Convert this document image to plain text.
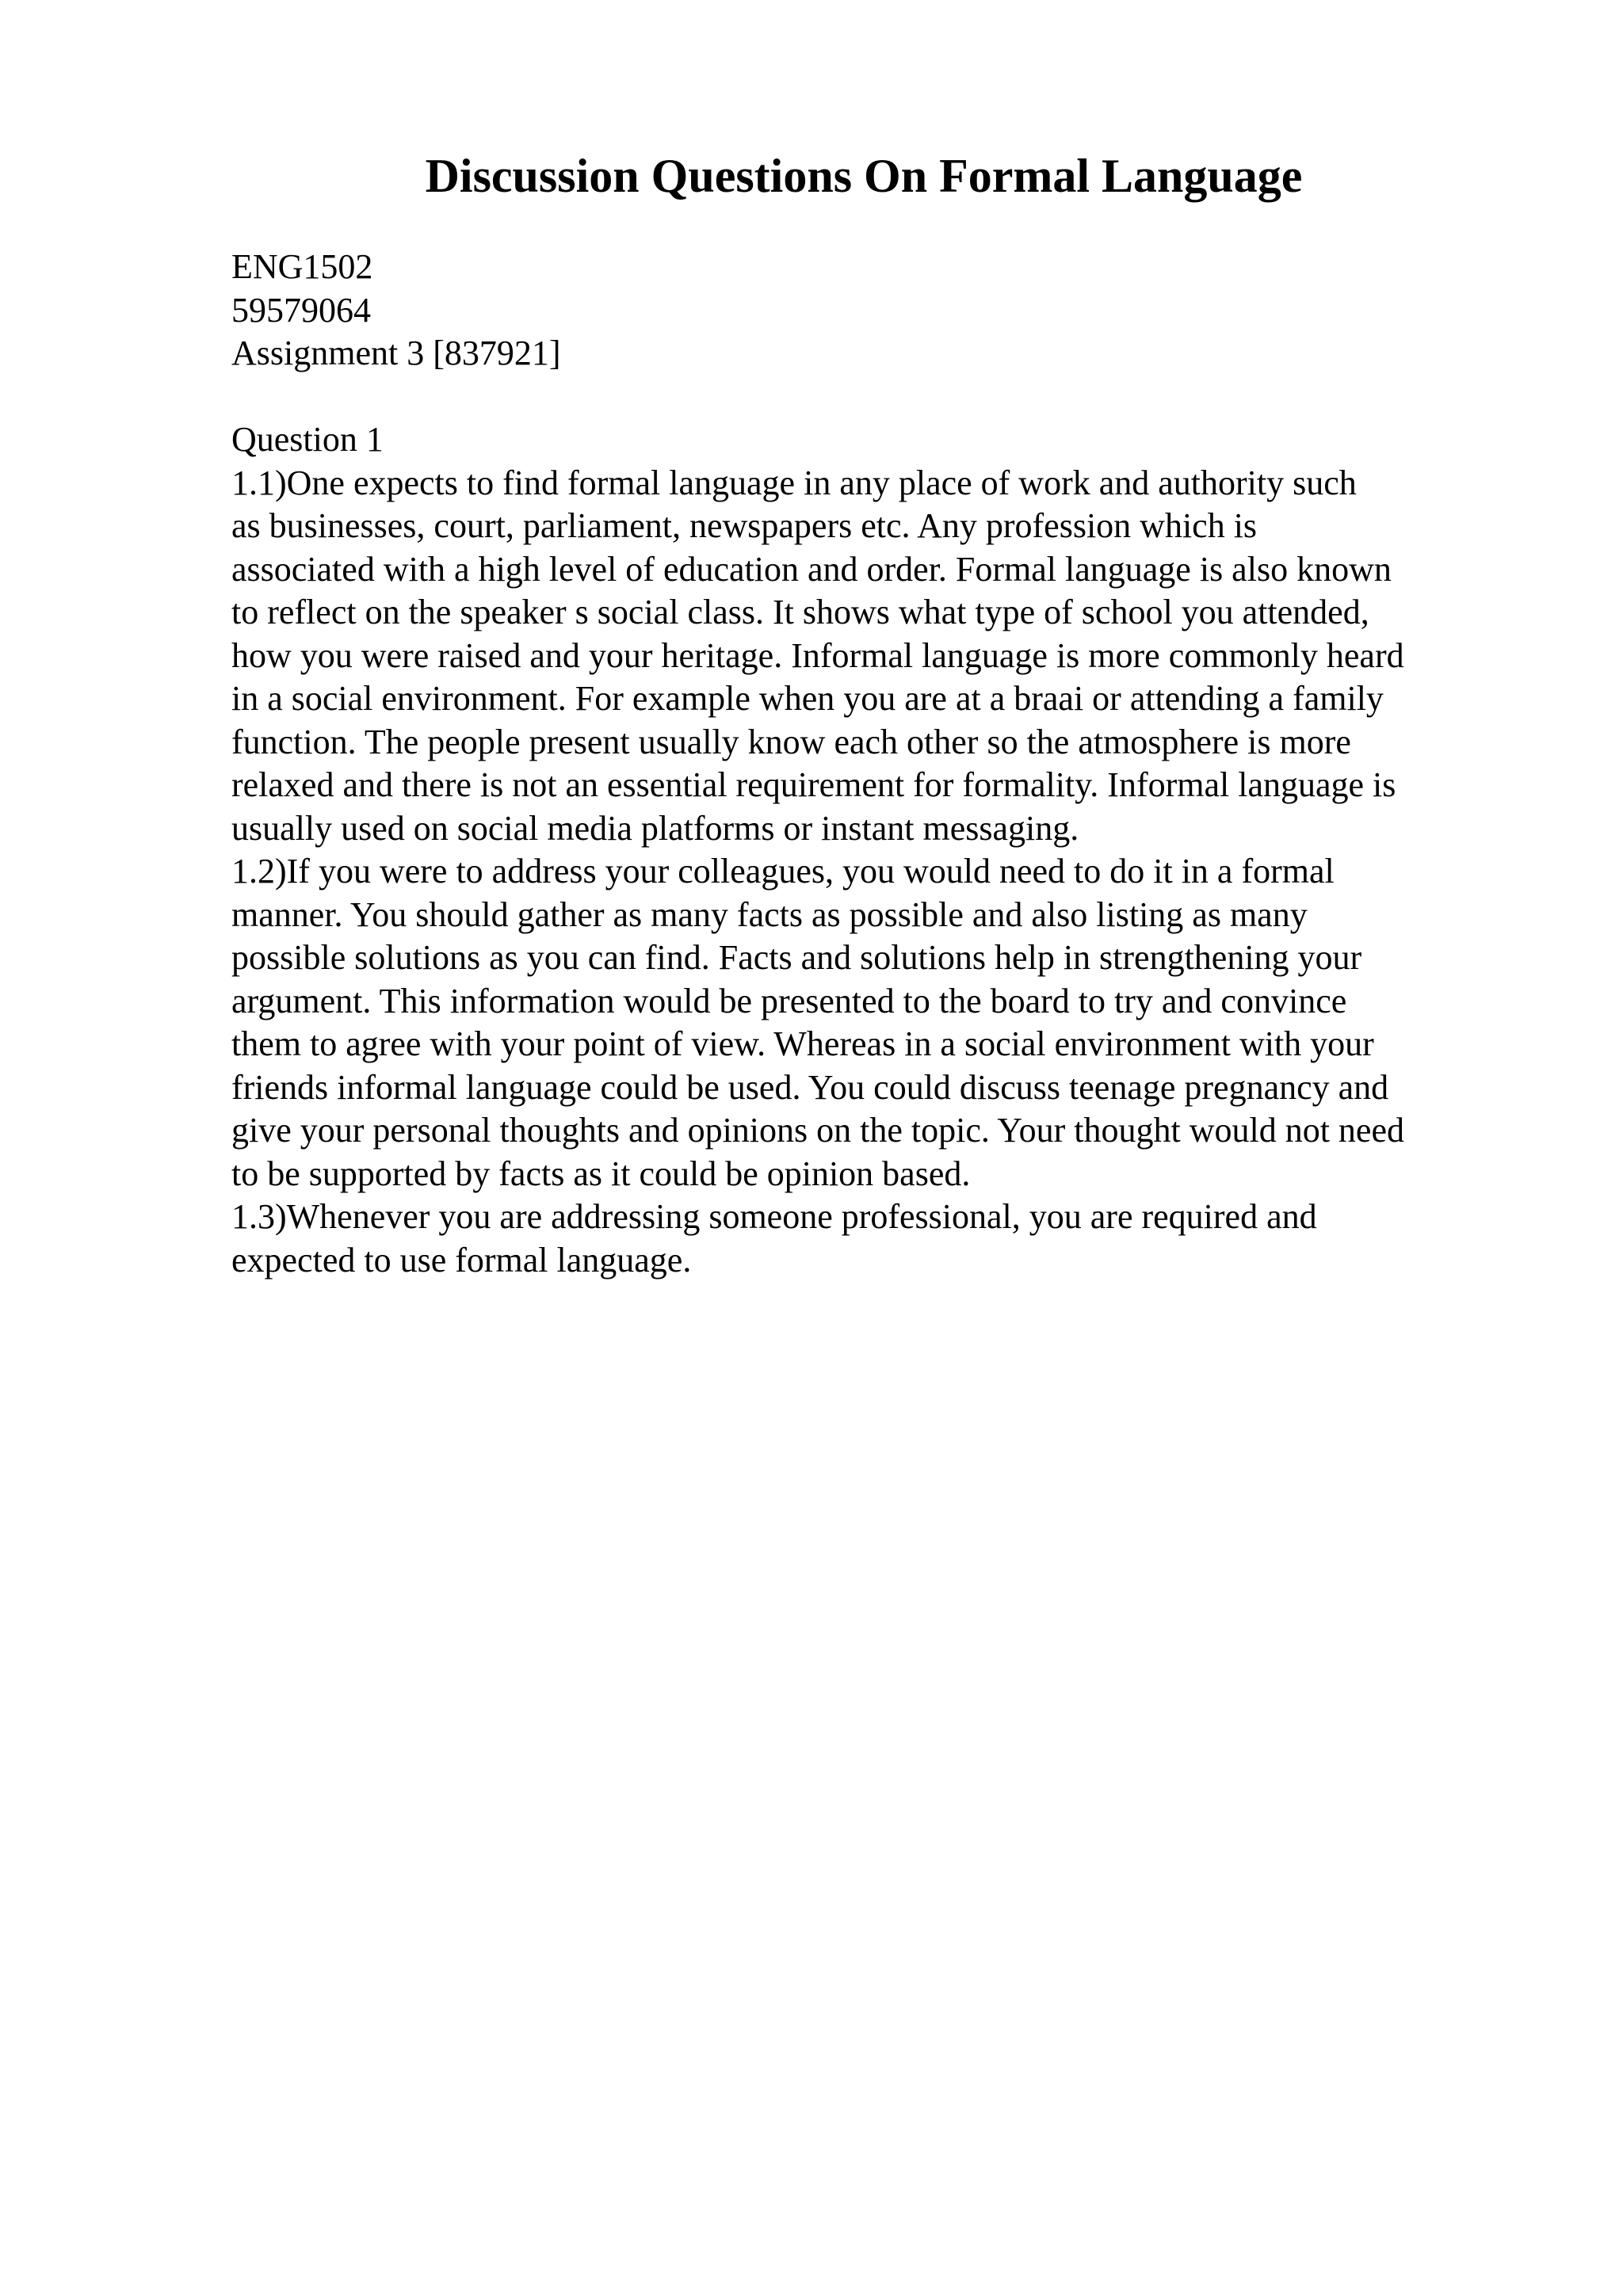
Discussion Questions On Formal Language
ENG1502
59579064
Assignment 3 [837921]
Question 1
1.1)One expects to find formal language in any place of work and authority such
as businesses, court, parliament, newspapers etc. Any profession which is
associated with a high level of education and order. Formal language is also known
to reflect on the speaker s social class. It shows what type of school you attended,
how you were raised and your heritage. Informal language is more commonly heard
in a social environment. For example when you are at a braai or attending a family
function. The people present usually know each other so the atmosphere is more
relaxed and there is not an essential requirement for formality. Informal language is
usually used on social media platforms or instant messaging.
1.2)If you were to address your colleagues, you would need to do it in a formal
manner. You should gather as many facts as possible and also listing as many
possible solutions as you can find. Facts and solutions help in strengthening your
argument. This information would be presented to the board to try and convince
them to agree with your point of view. Whereas in a social environment with your
friends informal language could be used. You could discuss teenage pregnancy and
give your personal thoughts and opinions on the topic. Your thought would not need
to be supported by facts as it could be opinion based.
1.3)Whenever you are addressing someone professional, you are required and
expected to use formal language.
